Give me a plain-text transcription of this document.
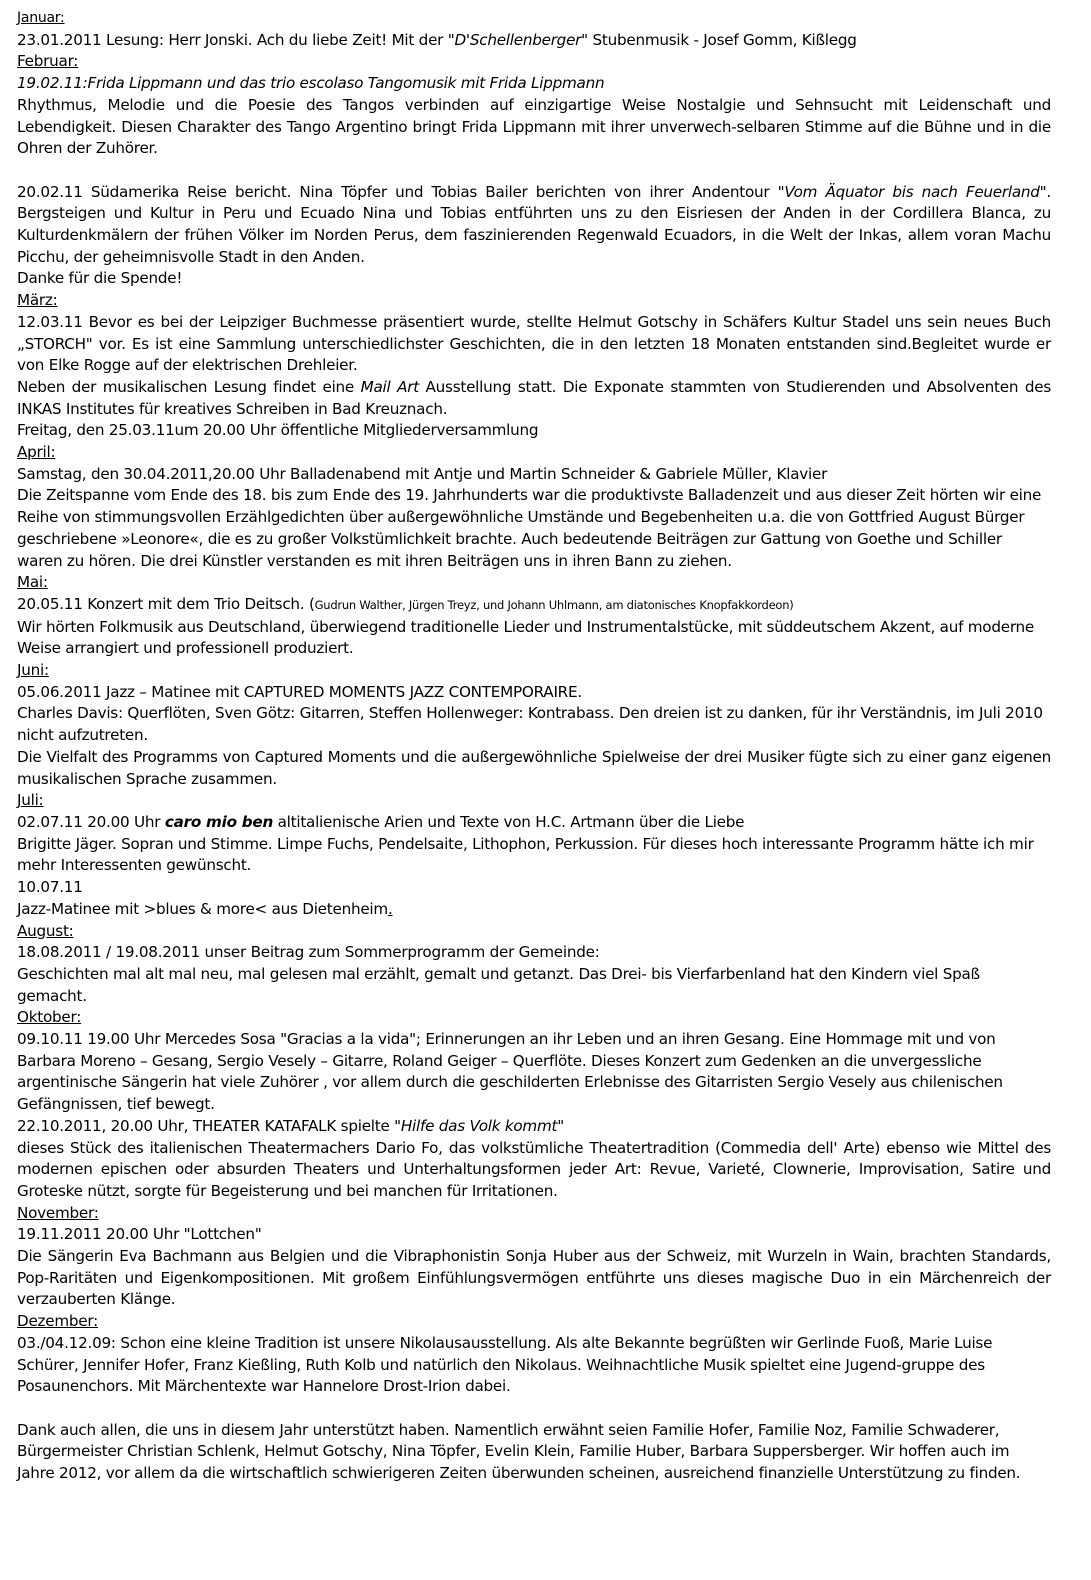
Januar:

23.01.2011 Lesung: Herr Jonski. Ach du liebe Zeit! Mit der "D'Schellenberger" Stubenmusik - Josef Gomm, Kißlegg

Februar:

19.02.11:Frida Lippmann und das trio escolaso Tangomusik mit Frida Lippmann

Rhythmus, Melodie und die Poesie des Tangos verbinden auf einzigartige Weise Nostalgie und Sehnsucht mit Leidenschaft und Lebendigkeit. Diesen Charakter des Tango Argentino bringt Frida Lippmann mit ihrer unverwech-selbaren Stimme auf die Bühne und in die Ohren der Zuhörer.

20.02.11 Südamerika Reise bericht. Nina Töpfer und Tobias Bailer berichten von ihrer Andentour "Vom Äquator bis nach Feuerland". Bergsteigen und Kultur in Peru und Ecuado Nina und Tobias entführten uns zu den Eisriesen der Anden in der Cordillera Blanca, zu Kulturdenkmälern der frühen Völker im Norden Perus, dem faszinierenden Regenwald Ecuadors, in die Welt der Inkas, allem voran Machu Picchu, der geheimnisvolle Stadt in den Anden.

Danke für die Spende!

März:

12.03.11 Bevor es bei der Leipziger Buchmesse präsentiert wurde, stellte Helmut Gotschy in Schäfers Kultur Stadel uns sein neues Buch „STORCH" vor. Es ist eine Sammlung unterschiedlichster Geschichten, die in den letzten 18 Monaten entstanden sind.Begleitet wurde er von Elke Rogge auf der elektrischen Drehleier.

Neben der musikalischen Lesung findet eine Mail Art Ausstellung statt. Die Exponate stammten von Studierenden und Absolventen des INKAS Institutes für kreatives Schreiben in Bad Kreuznach.

Freitag, den 25.03.11um 20.00 Uhr öffentliche Mitgliederversammlung

April:

Samstag, den 30.04.2011,20.00 Uhr Balladenabend mit Antje und Martin Schneider & Gabriele Müller, Klavier

Die Zeitspanne vom Ende des 18. bis zum Ende des 19. Jahrhunderts war die produktivste Balladenzeit und aus dieser Zeit hörten wir eine Reihe von stimmungsvollen Erzählgedichten über außergewöhnliche Umstände und Begebenheiten u.a. die von Gottfried August Bürger geschriebene »Leonore«, die es zu großer Volkstümlichkeit brachte. Auch bedeutende Beiträgen zur Gattung von Goethe und Schiller waren zu hören. Die drei Künstler verstanden es mit ihren Beiträgen uns in ihren Bann zu ziehen.

Mai:

20.05.11 Konzert mit dem Trio Deitsch. (Gudrun Walther, Jürgen Treyz, und Johann Uhlmann, am diatonisches Knopfakkordeon)

Wir hörten Folkmusik aus Deutschland, überwiegend traditionelle Lieder und Instrumentalstücke, mit süddeutschem Akzent, auf moderne Weise arrangiert und professionell produziert.

Juni:

05.06.2011 Jazz – Matinee mit CAPTURED MOMENTS JAZZ CONTEMPORAIRE.

Charles Davis: Querflöten, Sven Götz: Gitarren, Steffen Hollenweger: Kontrabass. Den dreien ist zu danken, für ihr Verständnis, im Juli 2010 nicht aufzutreten.

Die Vielfalt des Programms von Captured Moments und die außergewöhnliche Spielweise der drei Musiker fügte sich zu einer ganz eigenen musikalischen Sprache zusammen.

Juli:

02.07.11 20.00 Uhr caro mio ben altitalienische Arien und Texte von H.C. Artmann über die Liebe

Brigitte Jäger. Sopran und Stimme. Limpe Fuchs, Pendelsaite, Lithophon, Perkussion. Für dieses hoch interessante Programm hätte ich mir mehr Interessenten gewünscht.

10.07.11

Jazz-Matinee mit >blues & more< aus Dietenheim.

August:

18.08.2011 / 19.08.2011 unser Beitrag zum Sommerprogramm der Gemeinde:

Geschichten mal alt mal neu, mal gelesen mal erzählt, gemalt und getanzt. Das Drei- bis Vierfarbenland hat den Kindern viel Spaß gemacht.

Oktober:

09.10.11 19.00 Uhr Mercedes Sosa "Gracias a la vida"; Erinnerungen an ihr Leben und an ihren Gesang. Eine Hommage mit und von Barbara Moreno – Gesang, Sergio Vesely – Gitarre, Roland Geiger – Querflöte. Dieses Konzert zum Gedenken an die unvergessliche argentinische Sängerin hat viele Zuhörer , vor allem durch die geschilderten Erlebnisse des Gitarristen Sergio Vesely aus chilenischen Gefängnissen, tief bewegt.

22.10.2011, 20.00 Uhr, THEATER KATAFALK spielte "Hilfe das Volk kommt"

dieses Stück des italienischen Theatermachers Dario Fo, das volkstümliche Theatertradition (Commedia dell' Arte) ebenso wie Mittel des modernen epischen oder absurden Theaters und Unterhaltungsformen jeder Art: Revue, Varieté, Clownerie, Improvisation, Satire und Groteske nützt, sorgte für Begeisterung und bei manchen für Irritationen.

November:

19.11.2011 20.00 Uhr "Lottchen"

Die Sängerin Eva Bachmann aus Belgien und die Vibraphonistin Sonja Huber aus der Schweiz, mit Wurzeln in Wain, brachten Standards, Pop-Raritäten und Eigenkompositionen. Mit großem Einfühlungsvermögen entführte uns dieses magische Duo in ein Märchenreich der verzauberten Klänge.

Dezember:

03./04.12.09: Schon eine kleine Tradition ist unsere Nikolausausstellung. Als alte Bekannte begrüßten wir Gerlinde Fuoß, Marie Luise Schürer, Jennifer Hofer, Franz Kießling, Ruth Kolb und natürlich den Nikolaus. Weihnachtliche Musik spieltet eine Jugend-gruppe des Posaunenchors. Mit Märchentexte war Hannelore Drost-Irion dabei.

Dank auch allen, die uns in diesem Jahr unterstützt haben. Namentlich erwähnt seien Familie Hofer, Familie Noz, Familie Schwaderer, Bürgermeister Christian Schlenk, Helmut Gotschy, Nina Töpfer, Evelin Klein, Familie Huber, Barbara Suppersberger. Wir hoffen auch im Jahre 2012, vor allem da die wirtschaftlich schwierigeren Zeiten überwunden scheinen, ausreichend finanzielle Unterstützung zu finden.
